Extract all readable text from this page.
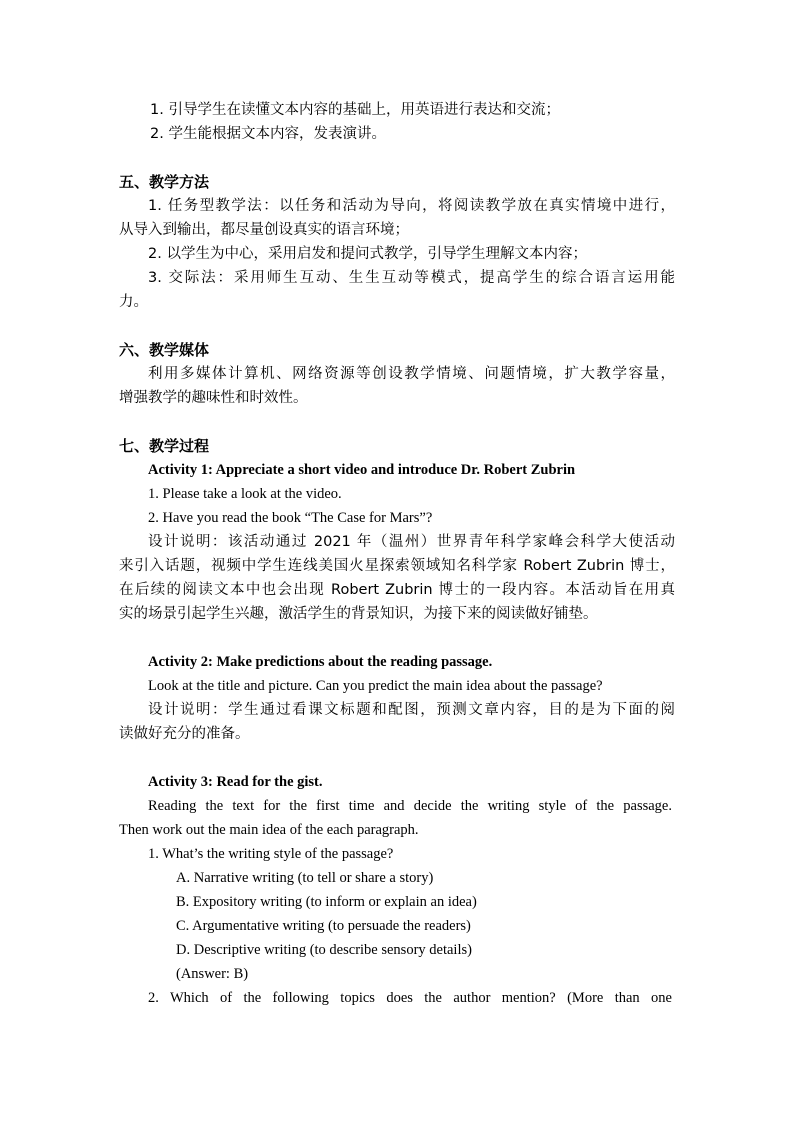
1. 引导学生在读懂文本内容的基础上，用英语进行表达和交流；
2. 学生能根据文本内容，发表演讲。
五、教学方法
1. 任务型教学法：以任务和活动为导向，将阅读教学放在真实情境中进行，
从导入到输出，都尽量创设真实的语言环境；
2. 以学生为中心，采用启发和提问式教学，引导学生理解文本内容；
3. 交际法：采用师生互动、生生互动等模式，提高学生的综合语言运用能
力。
六、教学媒体
利用多媒体计算机、网络资源等创设教学情境、问题情境，扩大教学容量，
增强教学的趣味性和时效性。
七、教学过程
Activity 1: Appreciate a short video and introduce Dr. Robert Zubrin
1. Please take a look at the video.
2. Have you read the book “The Case for Mars”?
设计说明：该活动通过 2021 年（温州）世界青年科学家峰会科学大使活动
来引入话题，视频中学生连线美国火星探索领域知名科学家 Robert Zubrin 博士，
在后续的阅读文本中也会出现 Robert Zubrin 博士的一段内容。本活动旨在用真
实的场景引起学生兴趣，激活学生的背景知识，为接下来的阅读做好铺垫。
Activity 2: Make predictions about the reading passage.
Look at the title and picture. Can you predict the main idea about the passage?
设计说明：学生通过看课文标题和配图，预测文章内容，目的是为下面的阅
读做好充分的准备。
Activity 3: Read for the gist.
Reading the text for the first time and decide the writing style of the passage.
Then work out the main idea of the each paragraph.
1. What’s the writing style of the passage?
A. Narrative writing (to tell or share a story)
B. Expository writing (to inform or explain an idea)
C. Argumentative writing (to persuade the readers)
D. Descriptive writing (to describe sensory details)
(Answer: B)
2. Which of the following topics does the author mention? (More than one
